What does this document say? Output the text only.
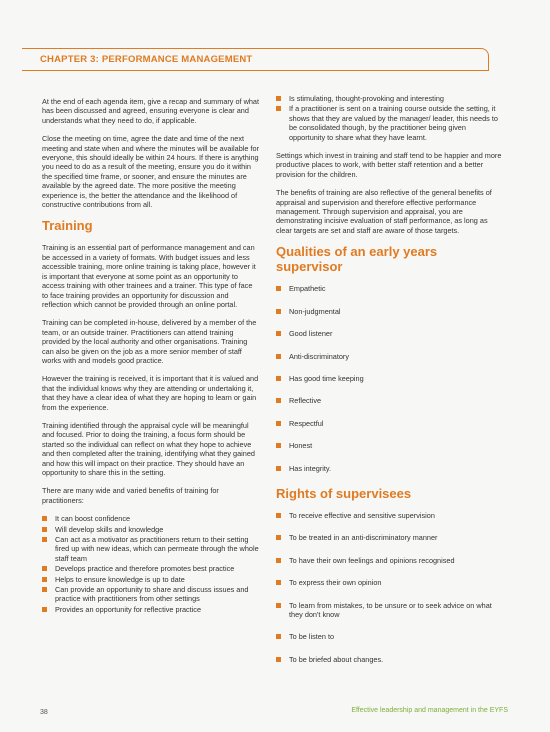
CHAPTER 3: PERFORMANCE MANAGEMENT

At the end of each agenda item, give a recap and summary of what has been discussed and agreed, ensuring everyone is clear and understands what they need to do, if applicable.

Close the meeting on time, agree the date and time of the next meeting and state when and where the minutes will be available for everyone, this should ideally be within 24 hours. If there is anything you need to do as a result of the meeting, ensure you do it within the specified time frame, or sooner, and ensure the minutes are available by the agreed date. The more positive the meeting experience is, the better the attendance and the likelihood of constructive contributions from all.

Training

Training is an essential part of performance management and can be accessed in a variety of formats. With budget issues and less accessible training, more online training is taking place, however it is important that everyone at some point as an opportunity to access training with other trainees and a trainer. This type of face to face training provides an opportunity for discussion and reflection which cannot be provided through an online portal.

Training can be completed in-house, delivered by a member of the team, or an outside trainer. Practitioners can attend training provided by the local authority and other organisations. Training can also be given on the job as a more senior member of staff works with and models good practice.

However the training is received, it is important that it is valued and that the individual knows why they are attending or undertaking it, that they have a clear idea of what they are hoping to learn or gain from the experience.

Training identified through the appraisal cycle will be meaningful and focused. Prior to doing the training, a focus form should be started so the individual can reflect on what they hope to achieve and then completed after the training, identifying what they gained and how this will impact on their practice. They should have an opportunity to share this in the setting.

There are many wide and varied benefits of training for practitioners:

It can boost confidence
Will develop skills and knowledge
Can act as a motivator as practitioners return to their setting fired up with new ideas, which can permeate through the whole staff team
Develops practice and therefore promotes best practice
Helps to ensure knowledge is up to date
Can provide an opportunity to share and discuss issues and practice with practitioners from other settings
Provides an opportunity for reflective practice
Is stimulating, thought-provoking and interesting
If a practitioner is sent on a training course outside the setting, it shows that they are valued by the manager/ leader, this needs to be consolidated though, by the practitioner being given opportunity to share what they have learnt.

Settings which invest in training and staff tend to be happier and more productive places to work, with better staff retention and a better provision for the children.

The benefits of training are also reflective of the general benefits of appraisal and supervision and therefore effective performance management. Through supervision and appraisal, you are demonstrating incisive evaluation of staff performance, as long as clear targets are set and staff are aware of those targets.

Qualities of an early years supervisor
Empathetic
Non-judgmental
Good listener
Anti-discriminatory
Has good time keeping
Reflective
Respectful
Honest
Has integrity.
Rights of supervisees
To receive effective and sensitive supervision
To be treated in an anti-discriminatory manner
To have their own feelings and opinions recognised
To express their own opinion
To learn from mistakes, to be unsure or to seek advice on what they don't know
To be listen to
To be briefed about changes.
38	Effective leadership and management in the EYFS
